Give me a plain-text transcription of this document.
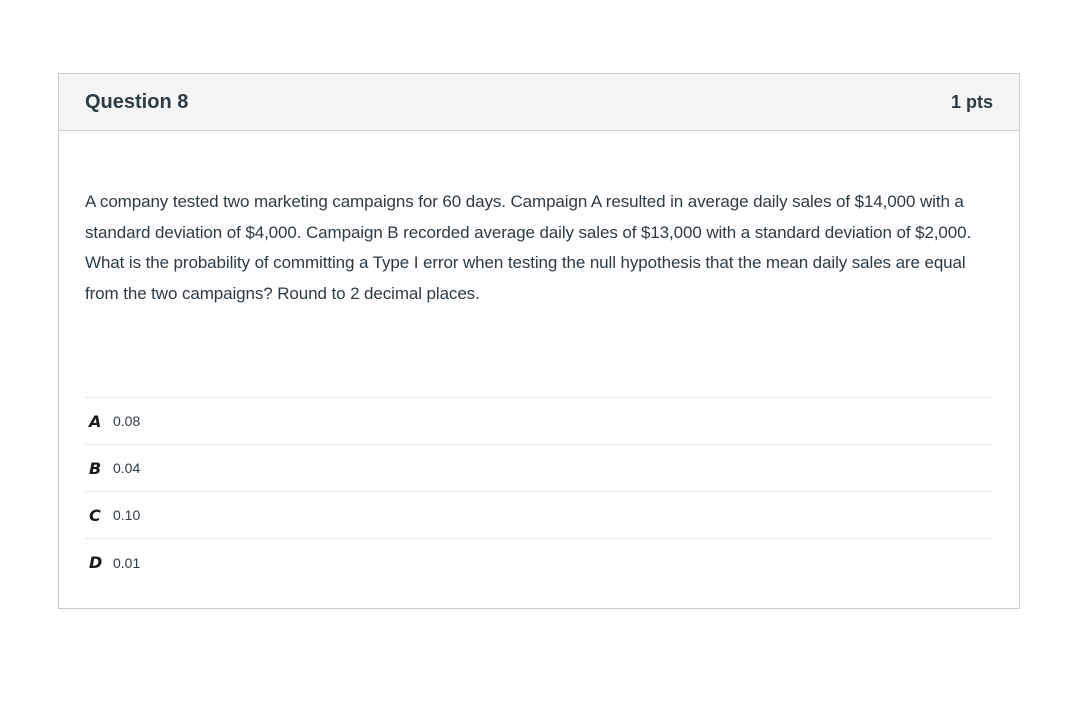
Question 8	1 pts

A company tested two marketing campaigns for 60 days. Campaign A resulted in average daily sales of $14,000 with a standard deviation of $4,000. Campaign B recorded average daily sales of $13,000 with a standard deviation of $2,000. What is the probability of committing a Type I error when testing the null hypothesis that the mean daily sales are equal from the two campaigns? Round to 2 decimal places.

A 0.08
B 0.04
C 0.10
D 0.01
